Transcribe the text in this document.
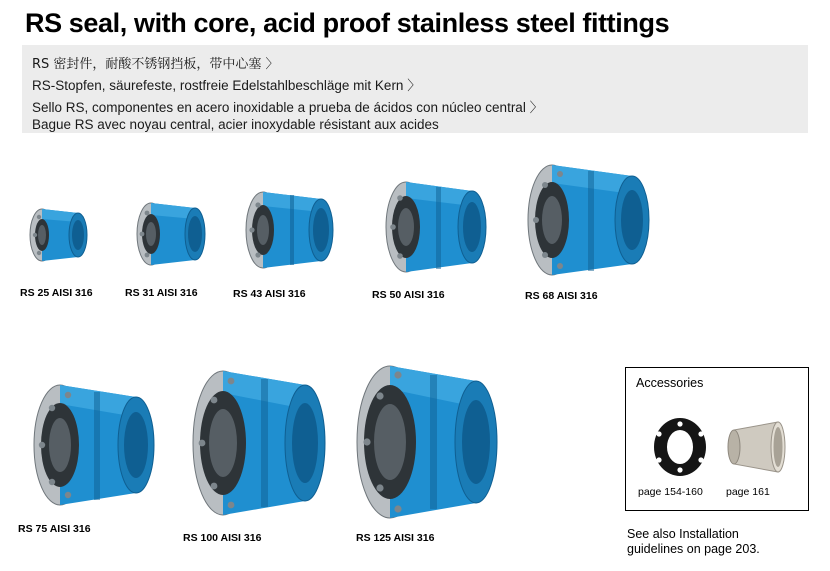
RS seal, with core, acid proof stainless steel fittings
RS 密封件，耐酸不锈钢挡板，带中心塞 〉
RS-Stopfen, säurefeste, rostfreie Edelstahlbeschläge mit Kern 〉
Sello RS, componentes en acero inoxidable a prueba de ácidos con núcleo central 〉
Bague RS avec noyau central, acier inoxydable résistant aux acides
RS 25 AISI 316	RS 31 AISI 316	RS 43 AISI 316	RS 50 AISI 316	RS 68 AISI 316
RS 75 AISI 316
RS 100 AISI 316	RS 125 AISI 316
Accessories
page 154-160 page 161
See also Installation
guidelines on page 203.
